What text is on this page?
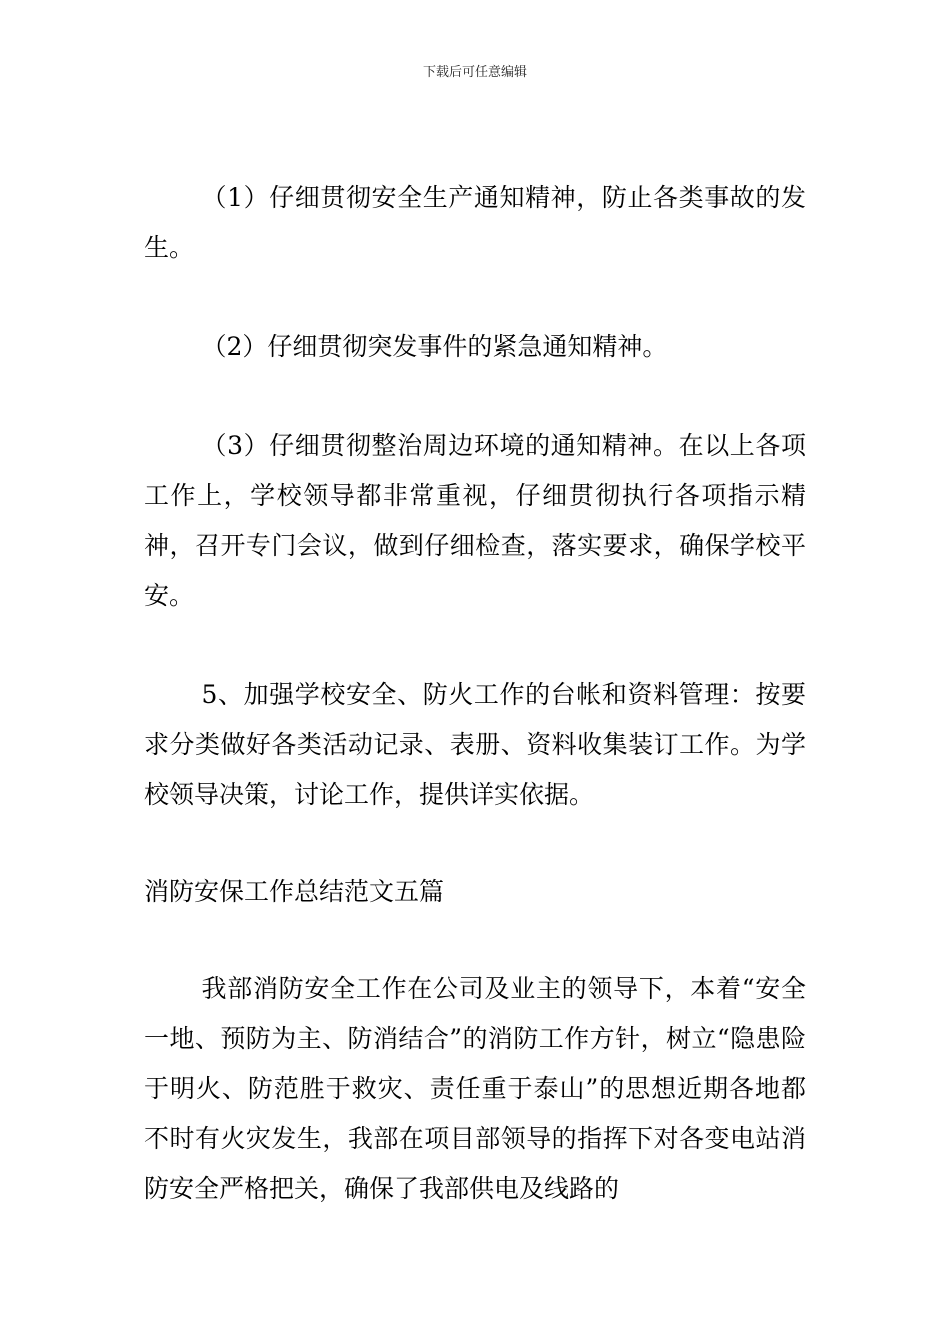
下载后可任意编辑

（1）仔细贯彻安全生产通知精神，防止各类事故的发生。

（2）仔细贯彻突发事件的紧急通知精神。

（3）仔细贯彻整治周边环境的通知精神。在以上各项工作上，学校领导都非常重视，仔细贯彻执行各项指示精神，召开专门会议，做到仔细检查，落实要求，确保学校平安。

5、加强学校安全、防火工作的台帐和资料管理：按要求分类做好各类活动记录、表册、资料收集装订工作。为学校领导决策，讨论工作，提供详实依据。

消防安保工作总结范文五篇

我部消防安全工作在公司及业主的领导下，本着“安全一地、预防为主、防消结合”的消防工作方针，树立“隐患险于明火、防范胜于救灾、责任重于泰山”的思想近期各地都不时有火灾发生，我部在项目部领导的指挥下对各变电站消防安全严格把关，确保了我部供电及线路的
